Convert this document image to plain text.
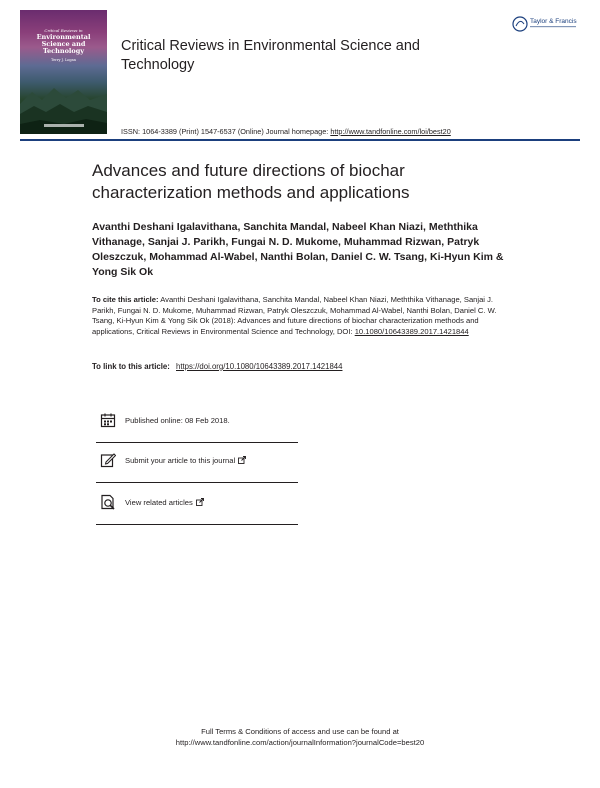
Critical Reviews in
Environmental Science and Technology
Terry J. Logan
Critical Reviews in Environmental Science and Technology
Taylor & Francis
ISSN: 1064-3389 (Print) 1547-6537 (Online) Journal homepage: http://www.tandfonline.com/loi/best20
Advances and future directions of biochar characterization methods and applications
Avanthi Deshani Igalavithana, Sanchita Mandal, Nabeel Khan Niazi, Meththika Vithanage, Sanjai J. Parikh, Fungai N. D. Mukome, Muhammad Rizwan, Patryk Oleszczuk, Mohammad Al-Wabel, Nanthi Bolan, Daniel C. W. Tsang, Ki-Hyun Kim & Yong Sik Ok
To cite this article: Avanthi Deshani Igalavithana, Sanchita Mandal, Nabeel Khan Niazi, Meththika Vithanage, Sanjai J. Parikh, Fungai N. D. Mukome, Muhammad Rizwan, Patryk Oleszczuk, Mohammad Al-Wabel, Nanthi Bolan, Daniel C. W. Tsang, Ki-Hyun Kim & Yong Sik Ok (2018): Advances and future directions of biochar characterization methods and applications, Critical Reviews in Environmental Science and Technology, DOI: 10.1080/10643389.2017.1421844
To link to this article: https://doi.org/10.1080/10643389.2017.1421844
Published online: 08 Feb 2018.
Submit your article to this journal
View related articles
Full Terms & Conditions of access and use can be found at
http://www.tandfonline.com/action/journalInformation?journalCode=best20
